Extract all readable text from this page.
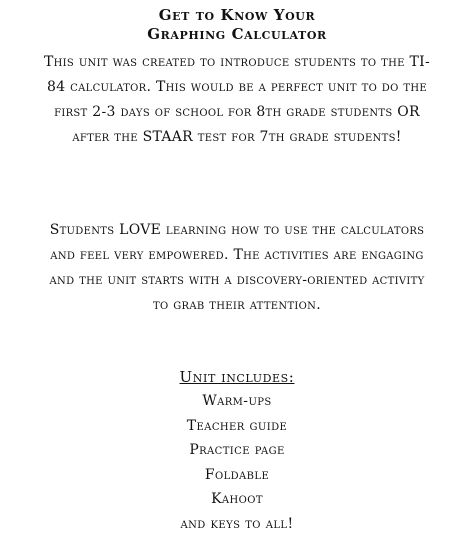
Get to Know Your
Graphing Calculator

This unit was created to introduce students to the TI-84 calculator. This would be a perfect unit to do the first 2-3 days of school for 8th grade students OR after the STAAR test for 7th grade students!

Students LOVE learning how to use the calculators and feel very empowered. The activities are engaging and the unit starts with a discovery-oriented activity to grab their attention.

Unit includes:
Warm-ups
Teacher guide
Practice page
Foldable
Kahoot
and keys to all!
